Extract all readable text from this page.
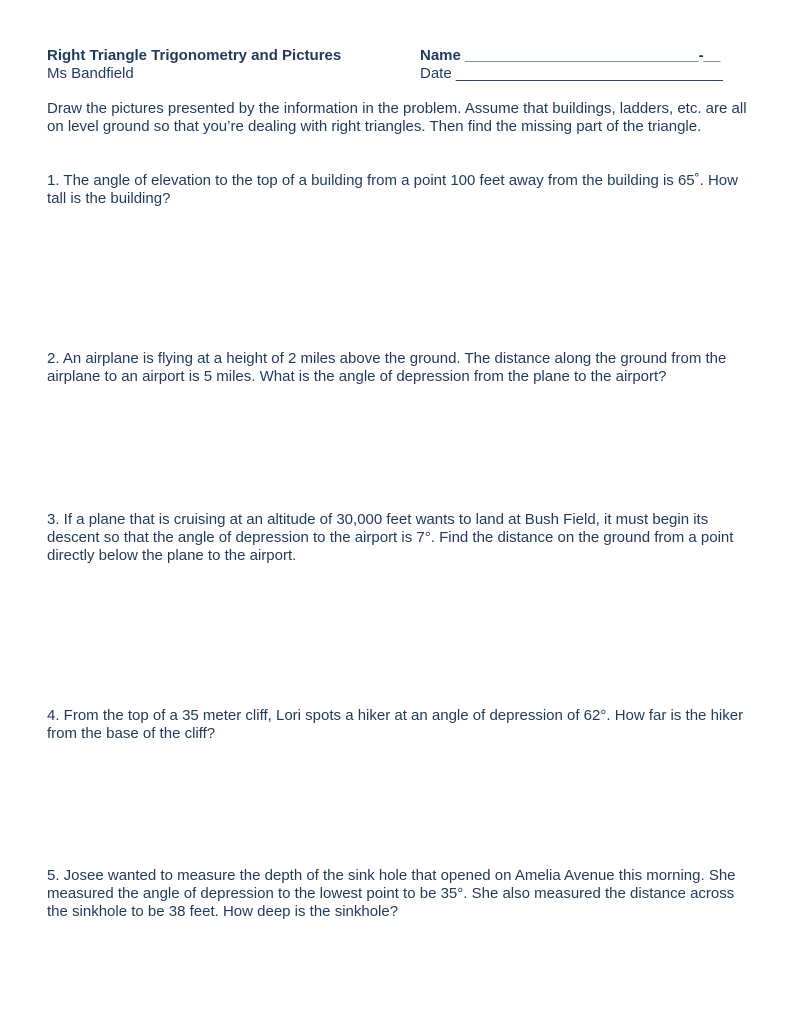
Right Triangle Trigonometry and Pictures
Ms Bandfield
Name ____________________________-__
Date ________________________________
Draw the pictures presented by the information in the problem. Assume that buildings, ladders, etc. are all on level ground so that you’re dealing with right triangles. Then find the missing part of the triangle.
1. The angle of elevation to the top of a building from a point 100 feet away from the building is 65˚. How tall is the building?
2. An airplane is flying at a height of 2 miles above the ground. The distance along the ground from the airplane to an airport is 5 miles. What is the angle of depression from the plane to the airport?
3. If a plane that is cruising at an altitude of 30,000 feet wants to land at Bush Field, it must begin its descent so that the angle of depression to the airport is 7°. Find the distance on the ground from a point directly below the plane to the airport.
4. From the top of a 35 meter cliff, Lori spots a hiker at an angle of depression of 62°. How far is the hiker from the base of the cliff?
5. Josee wanted to measure the depth of the sink hole that opened on Amelia Avenue this morning. She measured the angle of depression to the lowest point to be 35°. She also measured the distance across the sinkhole to be 38 feet. How deep is the sinkhole?
